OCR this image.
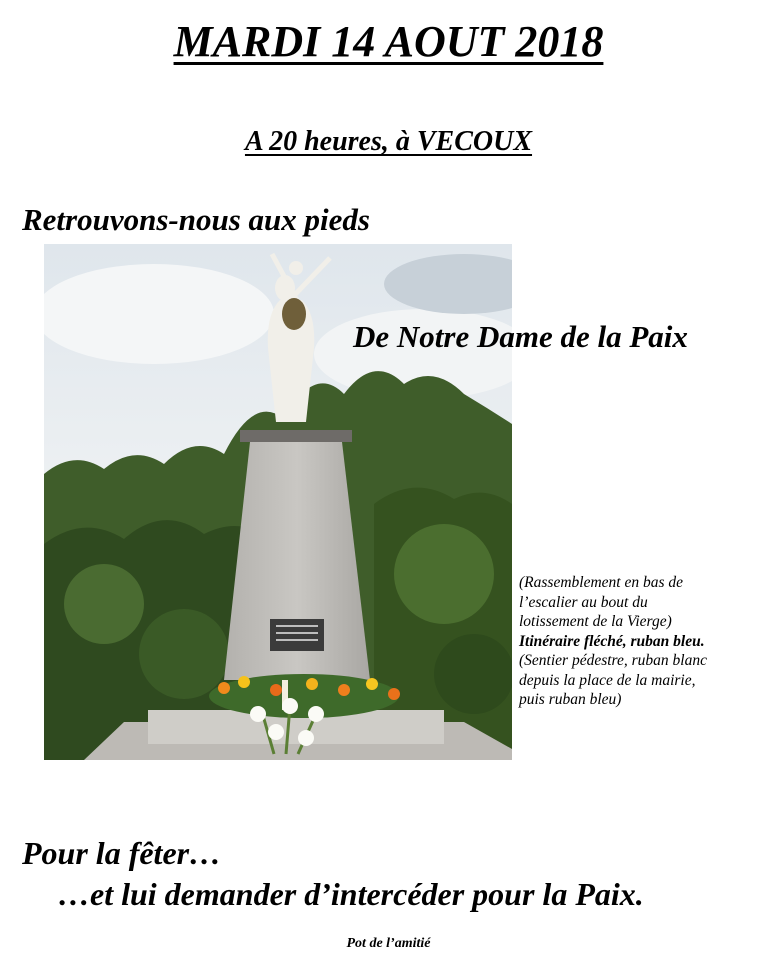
MARDI 14 AOUT 2018
A 20 heures, à VECOUX
Retrouvons-nous aux pieds
De Notre Dame de la Paix
(Rassemblement en bas de
l’escalier au bout du
lotissement de la Vierge)
Itinéraire fléché, ruban bleu.
(Sentier pédestre, ruban blanc
depuis la place de la mairie,
puis ruban bleu)
Pour la fêter…
…et lui demander d’intercéder pour la Paix.
Pot de l’amitié
